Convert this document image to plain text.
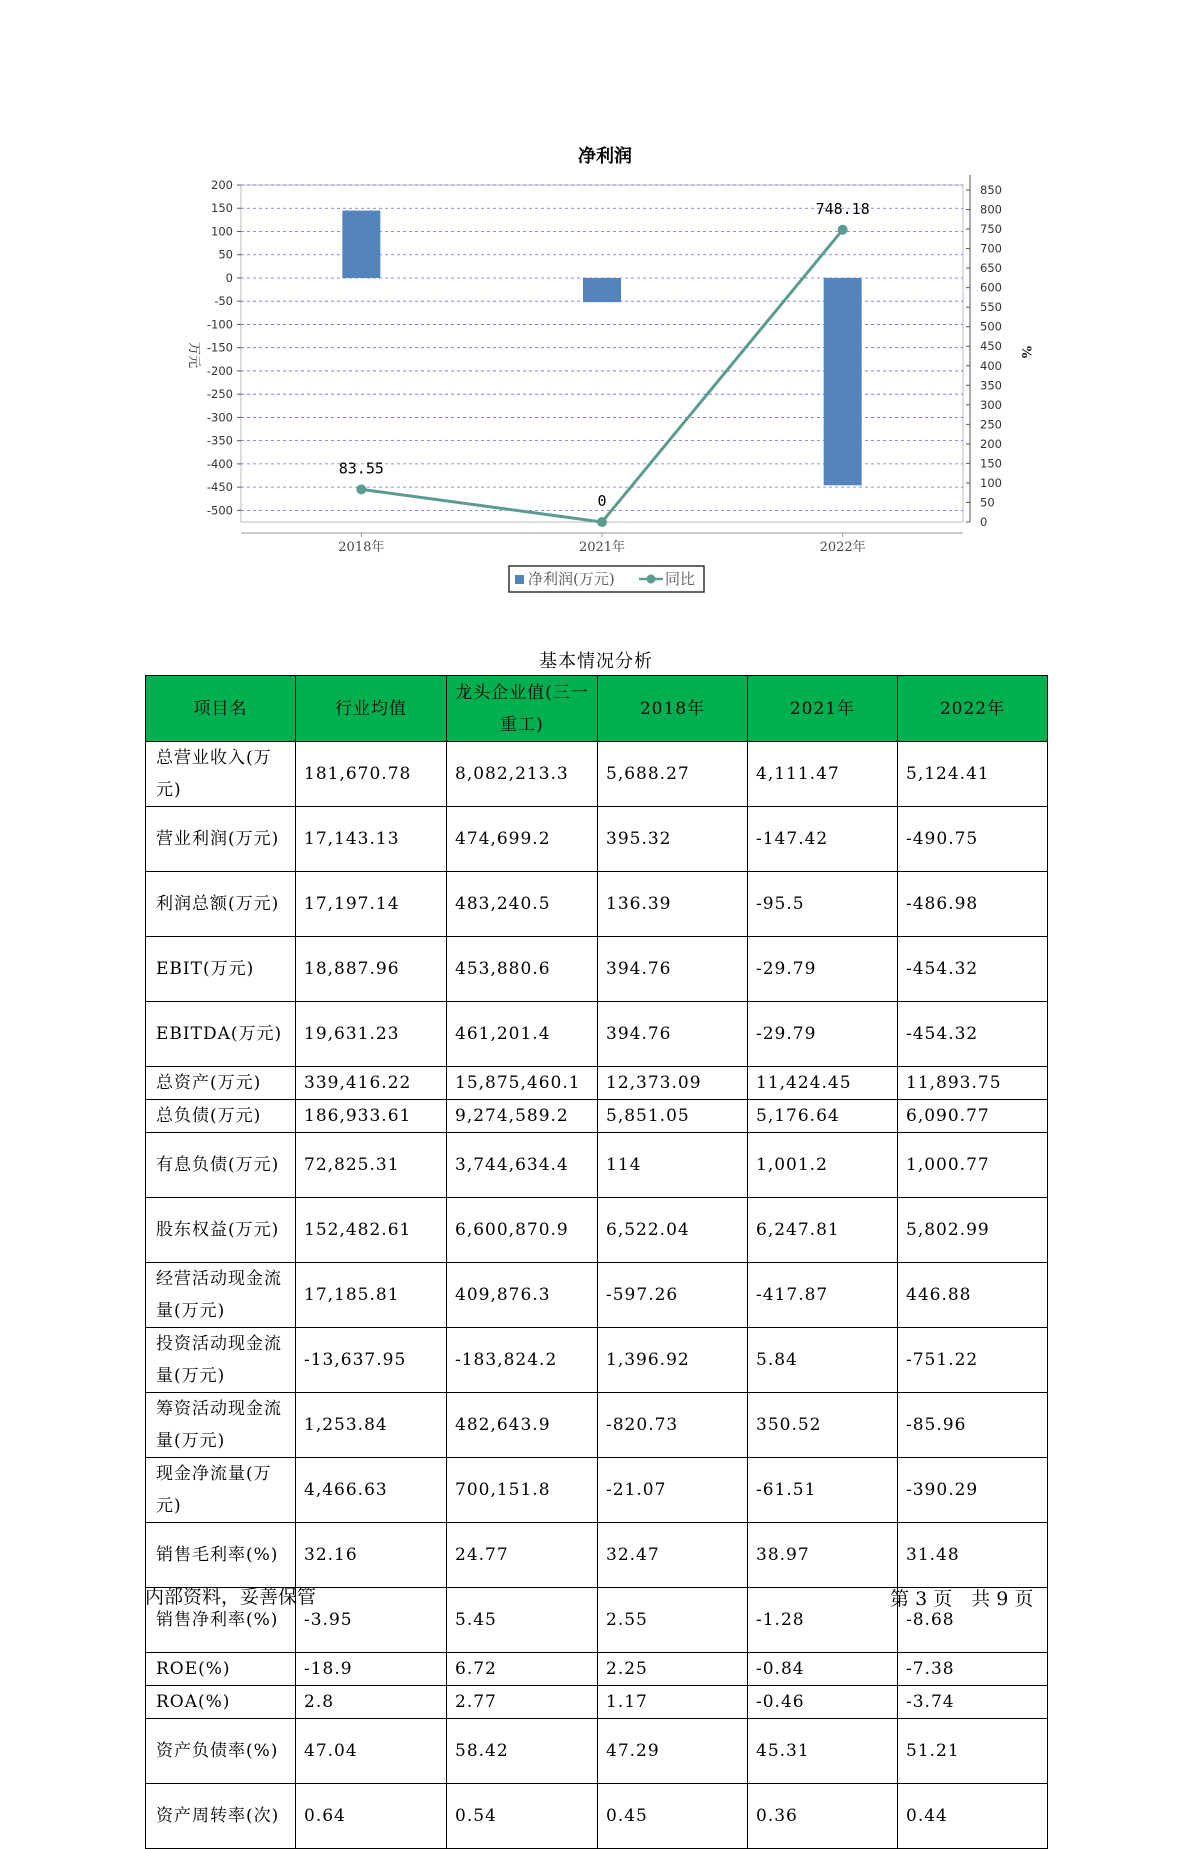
净利润
200
150
100
50
0
-50
-100
-150
-200
-250
-300
-350
-400
-450
-500
万元
850
800
750
700
650
600
550
500
450
400
350
300
250
200
150
100
50
0
%
2018年	2021年	2022年
83.55
0
748.18
净利润(万元)	同比
基本情况分析
项目名	行业均值	龙头企业值(三一重工)	2018年	2021年	2022年
总营业收入(万元)	181,670.78	8,082,213.3	5,688.27	4,111.47	5,124.41
营业利润(万元)	17,143.13	474,699.2	395.32	-147.42	-490.75
利润总额(万元)	17,197.14	483,240.5	136.39	-95.5	-486.98
EBIT(万元)	18,887.96	453,880.6	394.76	-29.79	-454.32
EBITDA(万元)	19,631.23	461,201.4	394.76	-29.79	-454.32
总资产(万元)	339,416.22	15,875,460.1	12,373.09	11,424.45	11,893.75
总负债(万元)	186,933.61	9,274,589.2	5,851.05	5,176.64	6,090.77
有息负债(万元)	72,825.31	3,744,634.4	114	1,001.2	1,000.77
股东权益(万元)	152,482.61	6,600,870.9	6,522.04	6,247.81	5,802.99
经营活动现金流量(万元)	17,185.81	409,876.3	-597.26	-417.87	446.88
投资活动现金流量(万元)	-13,637.95	-183,824.2	1,396.92	5.84	-751.22
筹资活动现金流量(万元)	1,253.84	482,643.9	-820.73	350.52	-85.96
现金净流量(万元)	4,466.63	700,151.8	-21.07	-61.51	-390.29
销售毛利率(%)	32.16	24.77	32.47	38.97	31.48
销售净利率(%)	-3.95	5.45	2.55	-1.28	-8.68
ROE(%)	-18.9	6.72	2.25	-0.84	-7.38
ROA(%)	2.8	2.77	1.17	-0.46	-3.74
资产负债率(%)	47.04	58.42	47.29	45.31	51.21
资产周转率(次)	0.64	0.54	0.45	0.36	0.44
内部资料，妥善保管	第 3 页　共 9 页
